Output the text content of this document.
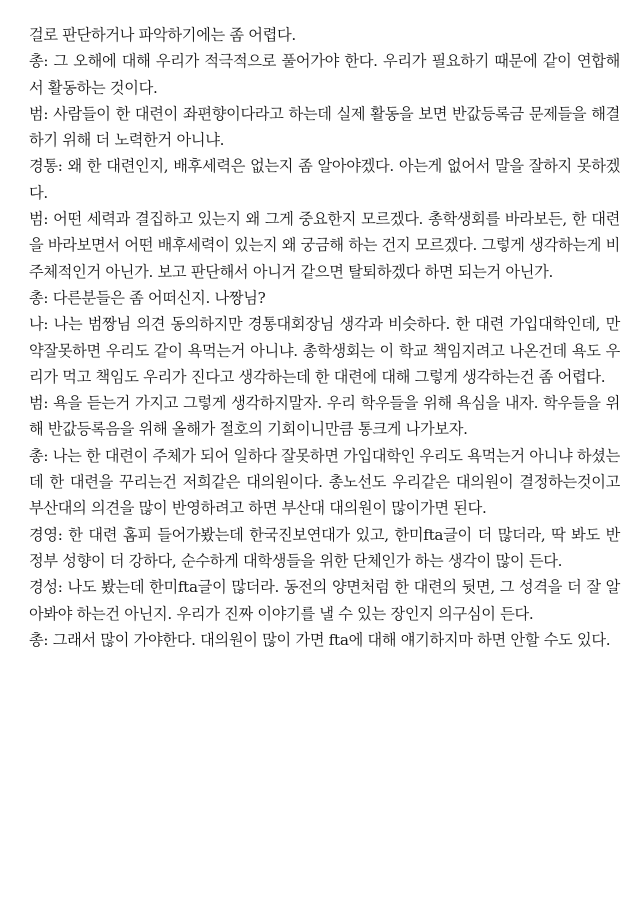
걸로 판단하거나 파악하기에는 좀 어렵다.

총: 그 오해에 대해 우리가 적극적으로 풀어가야 한다. 우리가 필요하기 때문에 같이 연합해서 활동하는 것이다.

범: 사람들이 한 대련이 좌편향이다라고 하는데 실제 활동을 보면 반값등록금 문제들을 해결하기 위해 더 노력한거 아니냐.

경통: 왜 한 대련인지, 배후세력은 없는지 좀 알아야겠다. 아는게 없어서 말을 잘하지 못하겠다.

범: 어떤 세력과 결집하고 있는지 왜 그게 중요한지 모르겠다. 총학생회를 바라보든, 한 대련을 바라보면서 어떤 배후세력이 있는지 왜 궁금해 하는 건지 모르겠다. 그렇게 생각하는게 비주체적인거 아닌가. 보고 판단해서 아니거 같으면 탈퇴하겠다 하면 되는거 아닌가.

총: 다른분들은 좀 어떠신지. 나짱님?

나: 나는 범짱님 의견 동의하지만 경통대회장님 생각과 비슷하다. 한 대련 가입대학인데, 만약잘못하면 우리도 같이 욕먹는거 아니냐. 총학생회는 이 학교 책임지려고 나온건데 욕도 우리가 먹고 책임도 우리가 진다고 생각하는데 한 대련에 대해 그렇게 생각하는건 좀 어렵다.

범: 욕을 듣는거 가지고 그렇게 생각하지말자. 우리 학우들을 위해 욕심을 내자. 학우들을 위해 반값등록음을 위해 올해가 절호의 기회이니만큼 통크게 나가보자.

총: 나는 한 대련이 주체가 되어 일하다 잘못하면 가입대학인 우리도 욕먹는거 아니냐 하셨는데 한 대련을 꾸리는건 저희같은 대의원이다. 총노선도 우리같은 대의원이 결정하는것이고 부산대의 의견을 많이 반영하려고 하면 부산대 대의원이 많이가면 된다.

경영: 한 대련 홈피 들어가봤는데 한국진보연대가 있고, 한미fta글이 더 많더라, 딱 봐도 반정부 성향이 더 강하다, 순수하게 대학생들을 위한 단체인가 하는 생각이 많이 든다.

경성: 나도 봤는데 한미fta글이 많더라. 동전의 양면처럼 한 대련의 뒷면, 그 성격을 더 잘 알아봐야 하는건 아닌지. 우리가 진짜 이야기를 낼 수 있는 장인지 의구심이 든다.

총: 그래서 많이 가야한다. 대의원이 많이 가면 fta에 대해 얘기하지마 하면 안할 수도 있다.
